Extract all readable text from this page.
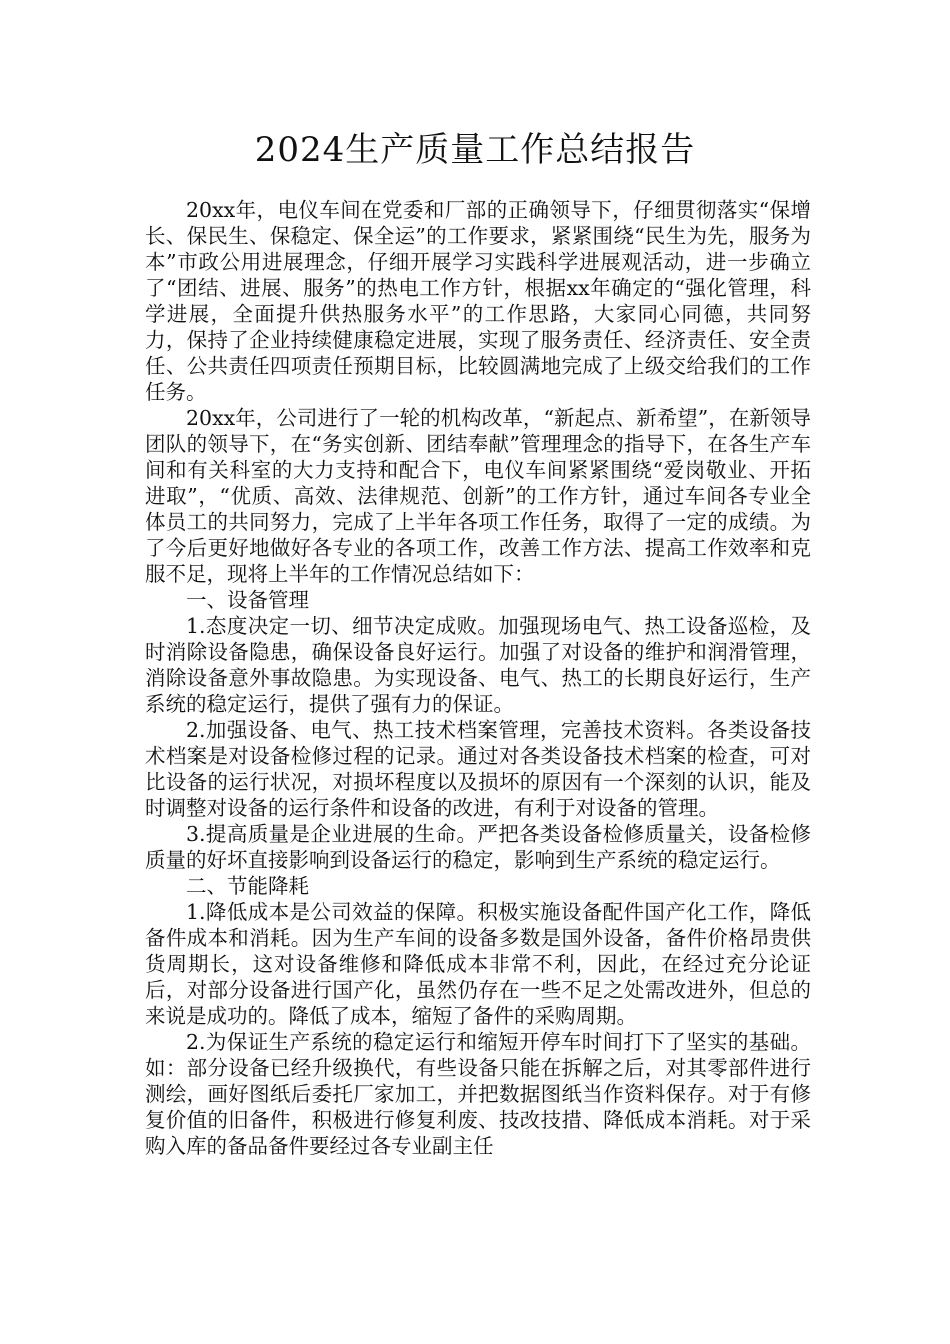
2024生产质量工作总结报告

20xx年，电仪车间在党委和厂部的正确领导下，仔细贯彻落实“保增长、保民生、保稳定、保全运”的工作要求，紧紧围绕“民生为先，服务为本”市政公用进展理念，仔细开展学习实践科学进展观活动，进一步确立了“团结、进展、服务”的热电工作方针，根据xx年确定的“强化管理，科学进展，全面提升供热服务水平”的工作思路，大家同心同德，共同努力，保持了企业持续健康稳定进展，实现了服务责任、经济责任、安全责任、公共责任四项责任预期目标，比较圆满地完成了上级交给我们的工作任务。

20xx年，公司进行了一轮的机构改革，“新起点、新希望”，在新领导团队的领导下，在“务实创新、团结奉献”管理理念的指导下，在各生产车间和有关科室的大力支持和配合下，电仪车间紧紧围绕“爱岗敬业、开拓进取”，“优质、高效、法律规范、创新”的工作方针，通过车间各专业全体员工的共同努力，完成了上半年各项工作任务，取得了一定的成绩。为了今后更好地做好各专业的各项工作，改善工作方法、提高工作效率和克服不足，现将上半年的工作情况总结如下：

一、设备管理

1.态度决定一切、细节决定成败。加强现场电气、热工设备巡检，及时消除设备隐患，确保设备良好运行。加强了对设备的维护和润滑管理，消除设备意外事故隐患。为实现设备、电气、热工的长期良好运行，生产系统的稳定运行，提供了强有力的保证。

2.加强设备、电气、热工技术档案管理，完善技术资料。各类设备技术档案是对设备检修过程的记录。通过对各类设备技术档案的检查，可对比设备的运行状况，对损坏程度以及损坏的原因有一个深刻的认识，能及时调整对设备的运行条件和设备的改进，有利于对设备的管理。

3.提高质量是企业进展的生命。严把各类设备检修质量关，设备检修质量的好坏直接影响到设备运行的稳定，影响到生产系统的稳定运行。

二、节能降耗

1.降低成本是公司效益的保障。积极实施设备配件国产化工作，降低备件成本和消耗。因为生产车间的设备多数是国外设备，备件价格昂贵供货周期长，这对设备维修和降低成本非常不利，因此，在经过充分论证后，对部分设备进行国产化，虽然仍存在一些不足之处需改进外，但总的来说是成功的。降低了成本，缩短了备件的采购周期。

2.为保证生产系统的稳定运行和缩短开停车时间打下了坚实的基础。如：部分设备已经升级换代，有些设备只能在拆解之后，对其零部件进行测绘，画好图纸后委托厂家加工，并把数据图纸当作资料保存。对于有修复价值的旧备件，积极进行修复利废、技改技措、降低成本消耗。对于采购入库的备品备件要经过各专业副主任
